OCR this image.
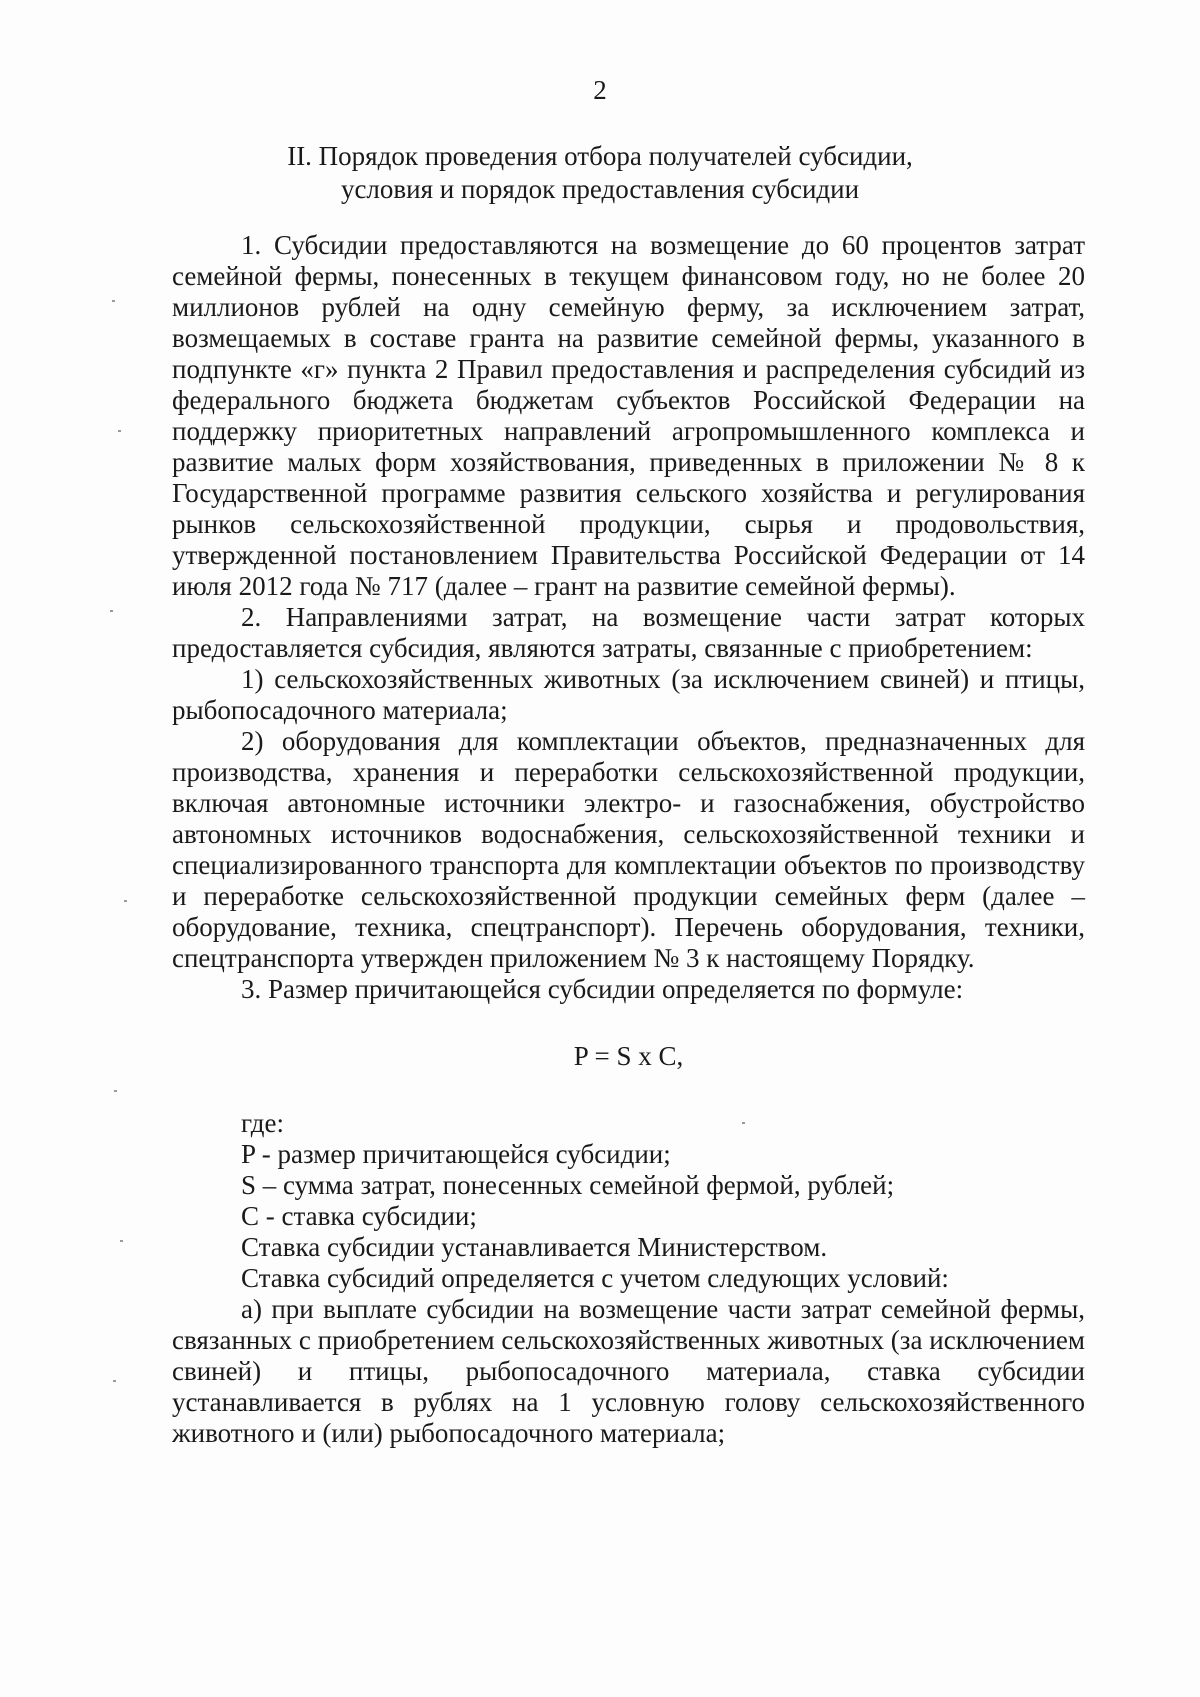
2
II. Порядок проведения отбора получателей субсидии,
условия и порядок предоставления субсидии

1. Субсидии предоставляются на возмещение до 60 процентов затрат семейной фермы, понесенных в текущем финансовом году, но не более 20 миллионов рублей на одну семейную ферму, за исключением затрат, возмещаемых в составе гранта на развитие семейной фермы, указанного в подпункте «г» пункта 2 Правил предоставления и распределения субсидий из федерального бюджета бюджетам субъектов Российской Федерации на поддержку приоритетных направлений агропромышленного комплекса и развитие малых форм хозяйствования, приведенных в приложении № 8 к Государственной программе развития сельского хозяйства и регулирования рынков сельскохозяйственной продукции, сырья и продовольствия, утвержденной постановлением Правительства Российской Федерации от 14 июля 2012 года № 717 (далее – грант на развитие семейной фермы).

2. Направлениями затрат, на возмещение части затрат которых предоставляется субсидия, являются затраты, связанные с приобретением:

1) сельскохозяйственных животных (за исключением свиней) и птицы, рыбопосадочного материала;

2) оборудования для комплектации объектов, предназначенных для производства, хранения и переработки сельскохозяйственной продукции, включая автономные источники электро- и газоснабжения, обустройство автономных источников водоснабжения, сельскохозяйственной техники и специализированного транспорта для комплектации объектов по производству и переработке сельскохозяйственной продукции семейных ферм (далее – оборудование, техника, спецтранспорт). Перечень оборудования, техники, спецтранспорта утвержден приложением № 3 к настоящему Порядку.

3. Размер причитающейся субсидии определяется по формуле:

P = S x C,

где:

P - размер причитающейся субсидии;

S – сумма затрат, понесенных семейной фермой, рублей;

C - ставка субсидии;

Ставка субсидии устанавливается Министерством.

Ставка субсидий определяется с учетом следующих условий:

а) при выплате субсидии на возмещение части затрат семейной фермы, связанных с приобретением сельскохозяйственных животных (за исключением свиней) и птицы, рыбопосадочного материала, ставка субсидии устанавливается в рублях на 1 условную голову сельскохозяйственного животного и (или) рыбопосадочного материала;
